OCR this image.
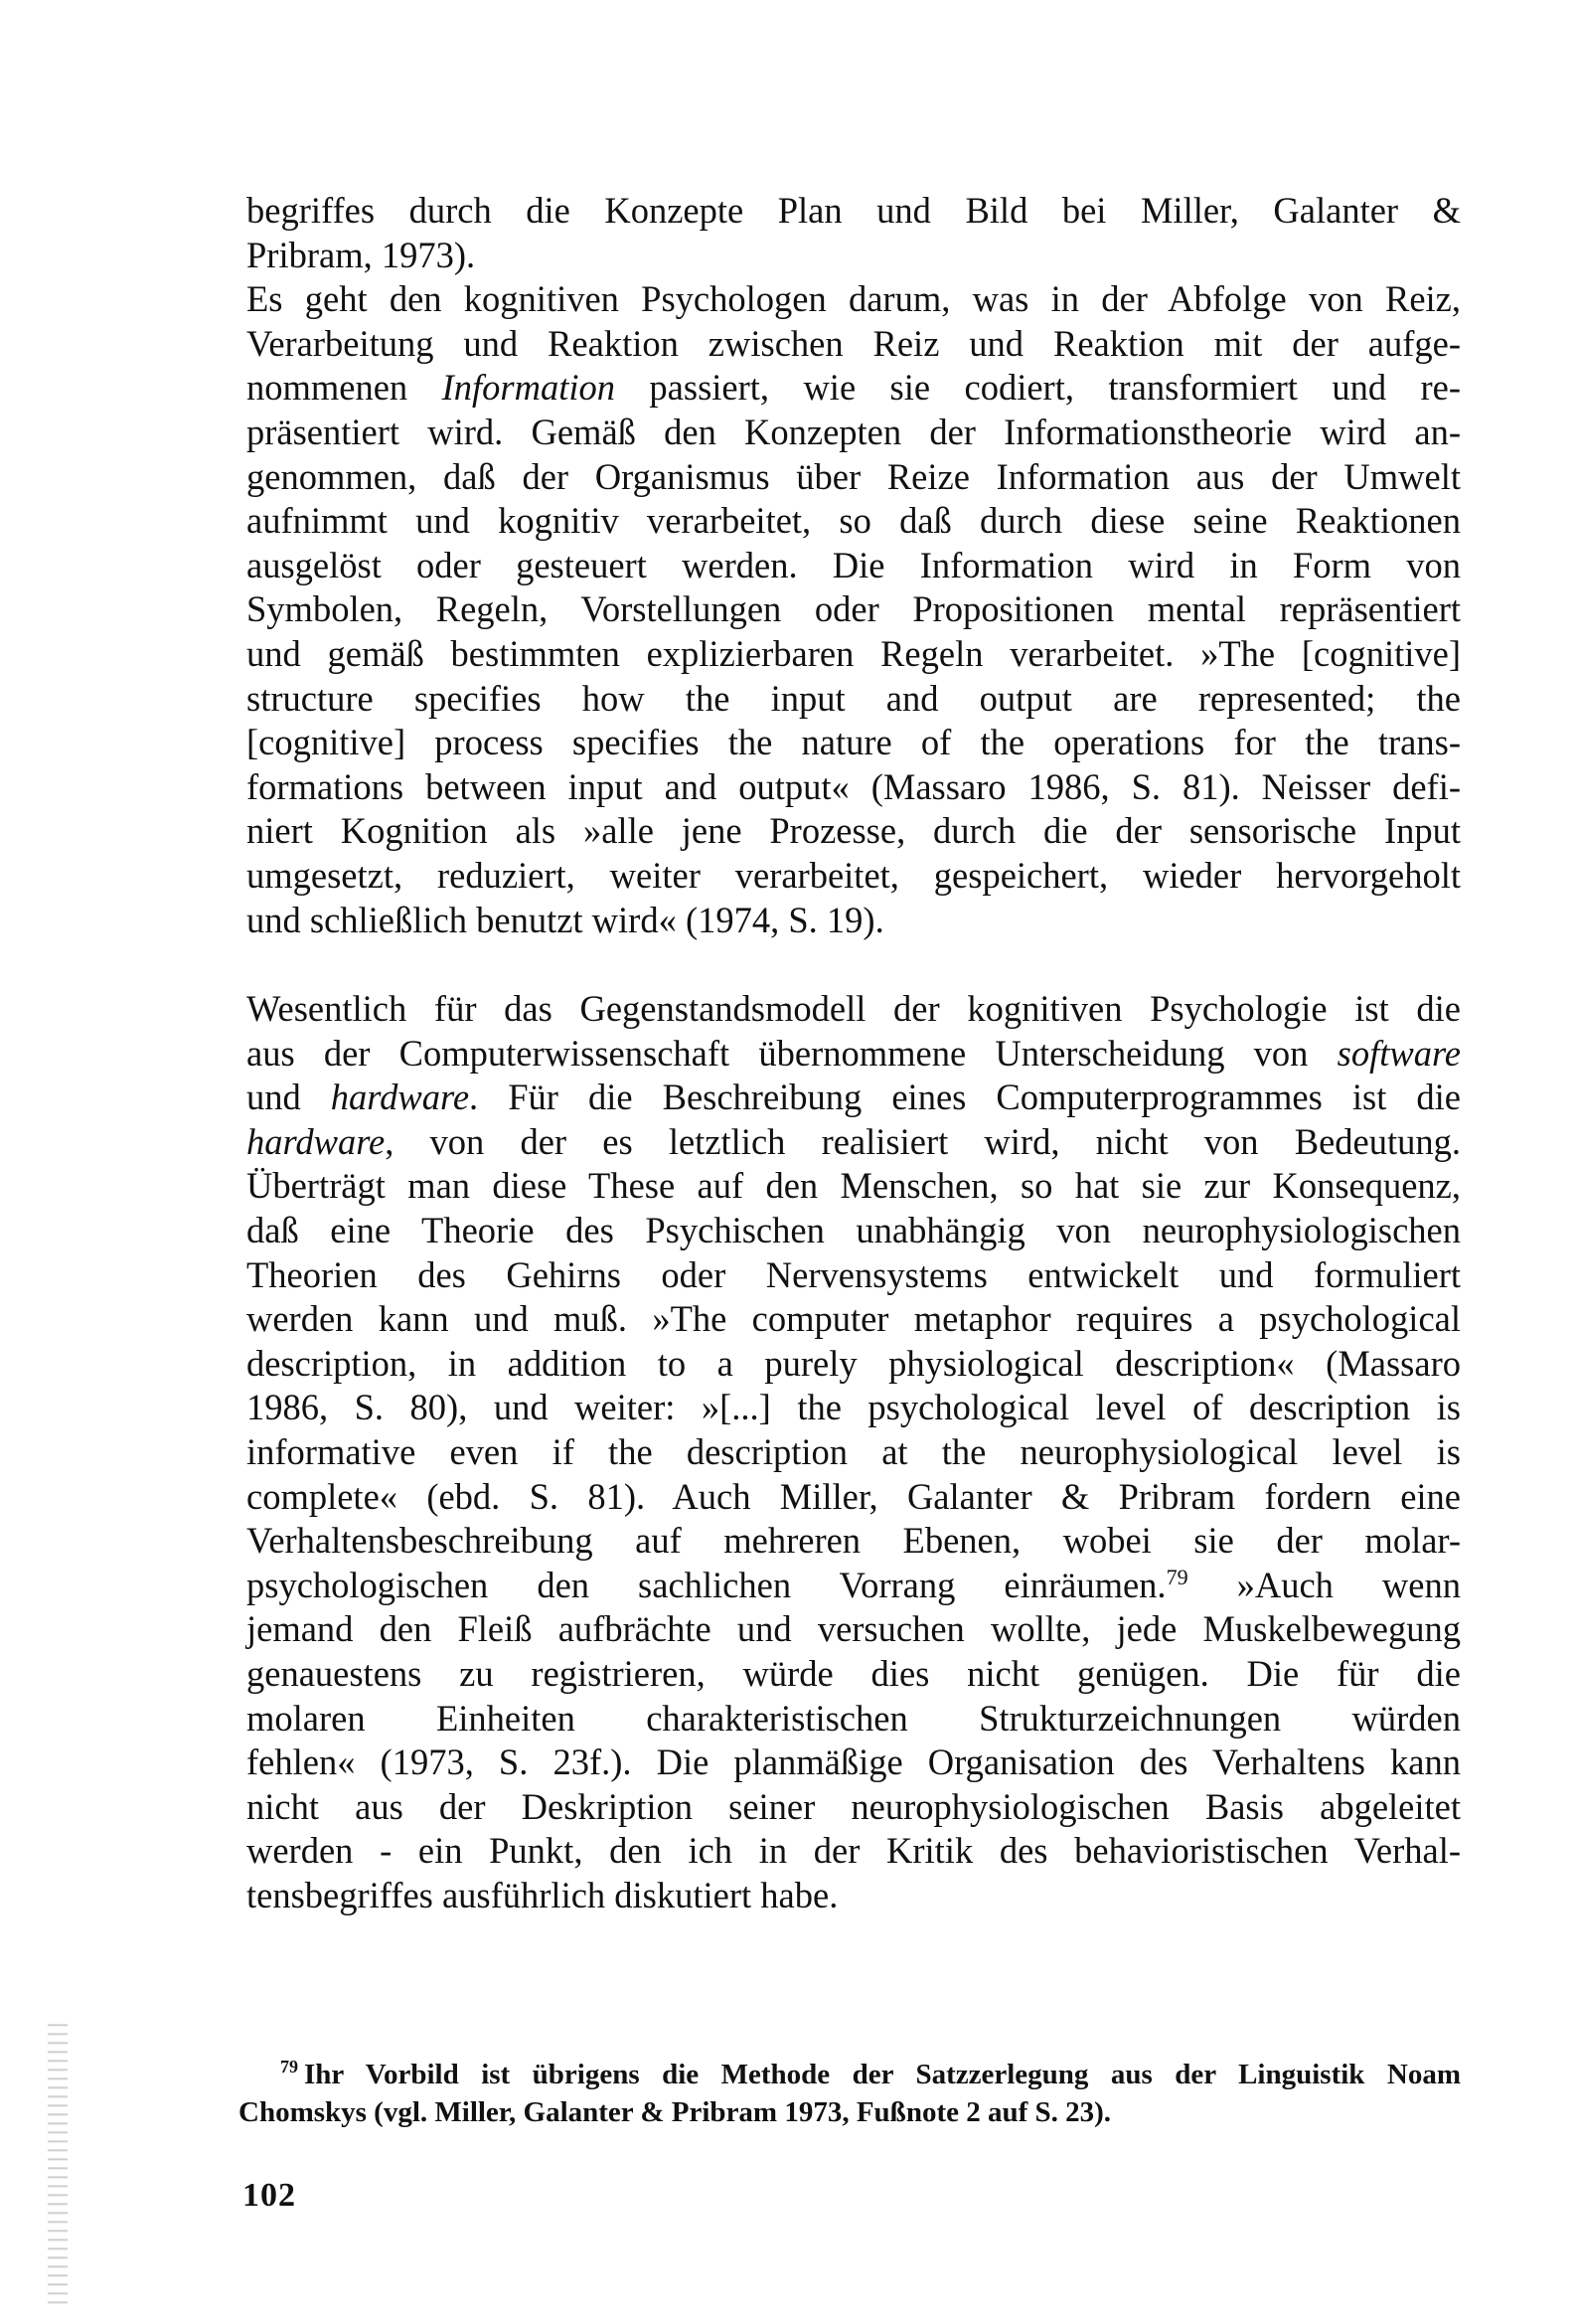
begriffes durch die Konzepte Plan und Bild bei Miller, Galanter &
Pribram, 1973).
Es geht den kognitiven Psychologen darum, was in der Abfolge von Reiz,
Verarbeitung und Reaktion zwischen Reiz und Reaktion mit der aufge-
nommenen Information passiert, wie sie codiert, transformiert und re-
präsentiert wird. Gemäß den Konzepten der Informationstheorie wird an-
genommen, daß der Organismus über Reize Information aus der Umwelt
aufnimmt und kognitiv verarbeitet, so daß durch diese seine Reaktionen
ausgelöst oder gesteuert werden. Die Information wird in Form von
Symbolen, Regeln, Vorstellungen oder Propositionen mental repräsentiert
und gemäß bestimmten explizierbaren Regeln verarbeitet. »The [cognitive]
structure specifies how the input and output are represented; the
[cognitive] process specifies the nature of the operations for the trans-
formations between input and output« (Massaro 1986, S. 81). Neisser defi-
niert Kognition als »alle jene Prozesse, durch die der sensorische Input
umgesetzt, reduziert, weiter verarbeitet, gespeichert, wieder hervorgeholt
und schließlich benutzt wird« (1974, S. 19).
Wesentlich für das Gegenstandsmodell der kognitiven Psychologie ist die
aus der Computerwissenschaft übernommene Unterscheidung von software
und hardware. Für die Beschreibung eines Computerprogrammes ist die
hardware, von der es letztlich realisiert wird, nicht von Bedeutung.
Überträgt man diese These auf den Menschen, so hat sie zur Konsequenz,
daß eine Theorie des Psychischen unabhängig von neurophysiologischen
Theorien des Gehirns oder Nervensystems entwickelt und formuliert
werden kann und muß. »The computer metaphor requires a psychological
description, in addition to a purely physiological description« (Massaro
1986, S. 80), und weiter: »[...] the psychological level of description is
informative even if the description at the neurophysiological level is
complete« (ebd. S. 81). Auch Miller, Galanter & Pribram fordern eine
Verhaltensbeschreibung auf mehreren Ebenen, wobei sie der molar-
psychologischen den sachlichen Vorrang einräumen.$^{79}$ »Auch wenn
jemand den Fleiß aufbrächte und versuchen wollte, jede Muskelbewegung
genauestens zu registrieren, würde dies nicht genügen. Die für die
molaren Einheiten charakteristischen Strukturzeichnungen würden
fehlen« (1973, S. 23f.). Die planmäßige Organisation des Verhaltens kann
nicht aus der Deskription seiner neurophysiologischen Basis abgeleitet
werden - ein Punkt, den ich in der Kritik des behavioristischen Verhal-
tensbegriffes ausführlich diskutiert habe.
$^{79}$ Ihr Vorbild ist übrigens die Methode der Satzzerlegung aus der Linguistik Noam
Chomskys (vgl. Miller, Galanter & Pribram 1973, Fußnote 2 auf S. 23).
102
